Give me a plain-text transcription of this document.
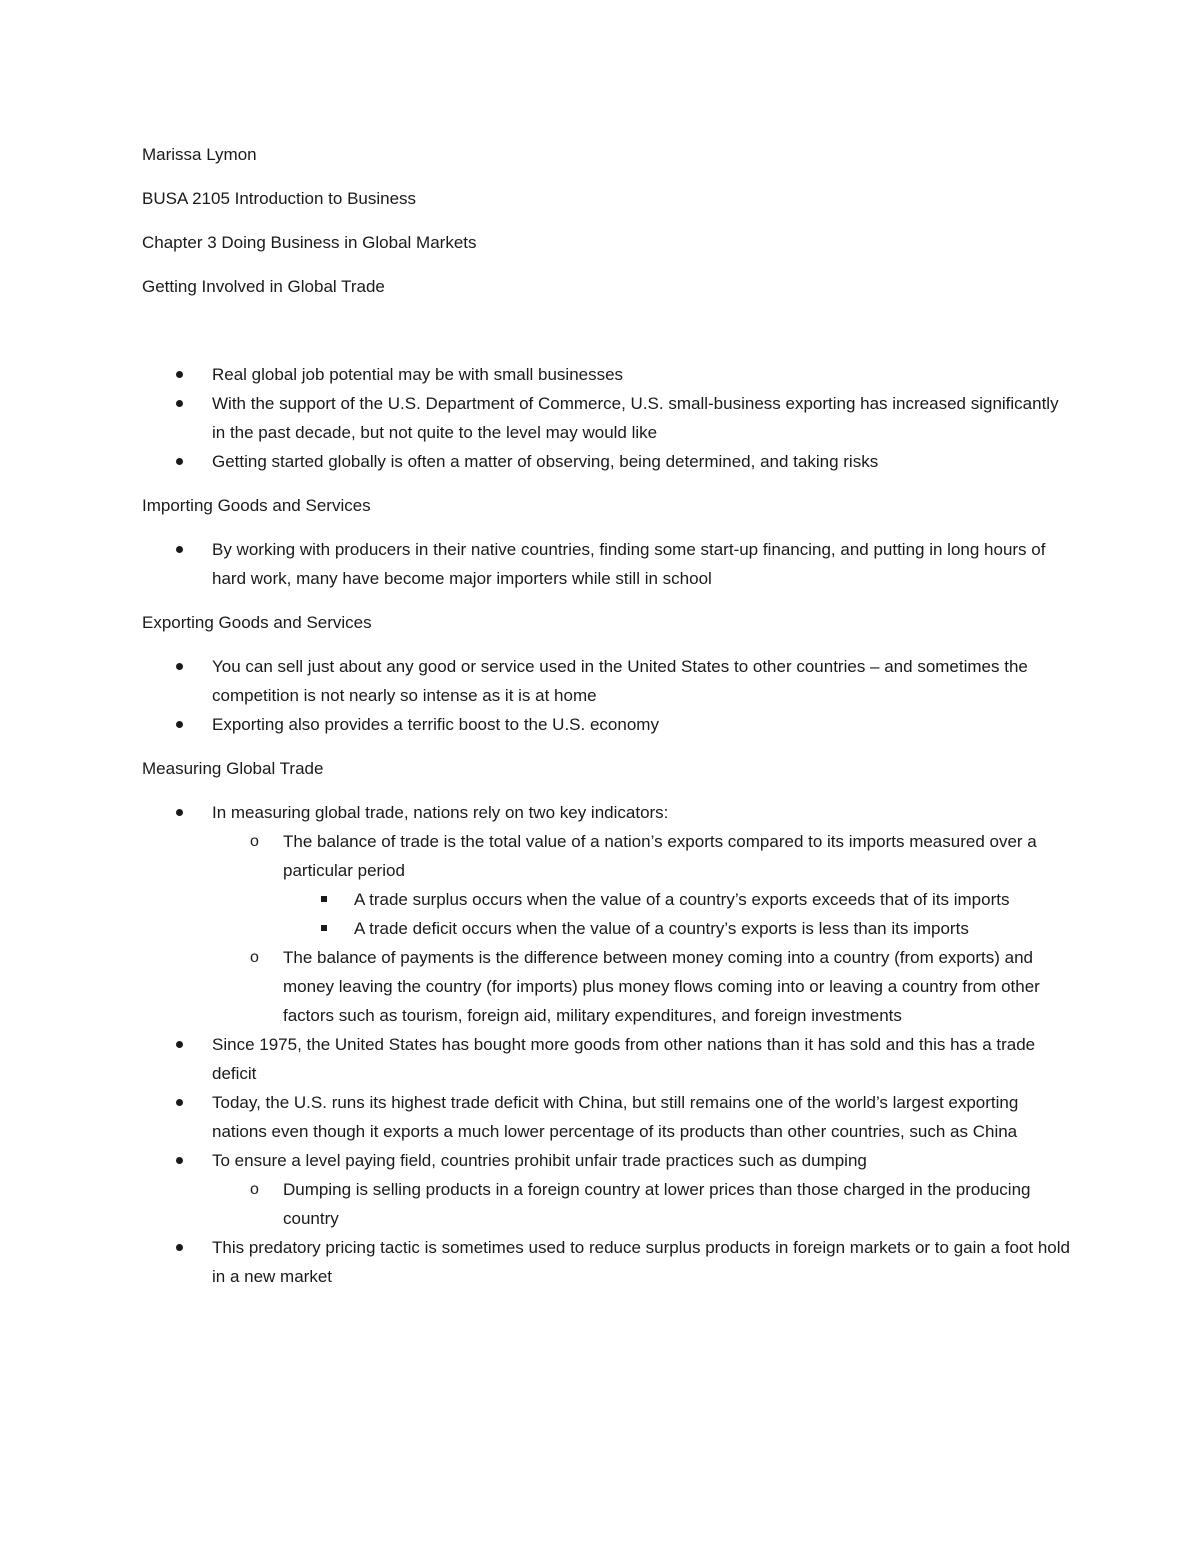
Marissa Lymon

BUSA 2105 Introduction to Business

Chapter 3 Doing Business in Global Markets

Getting Involved in Global Trade

Real global job potential may be with small businesses
With the support of the U.S. Department of Commerce, U.S. small-business exporting has increased significantly in the past decade, but not quite to the level may would like
Getting started globally is often a matter of observing, being determined, and taking risks

Importing Goods and Services

By working with producers in their native countries, finding some start-up financing, and putting in long hours of hard work, many have become major importers while still in school

Exporting Goods and Services

You can sell just about any good or service used in the United States to other countries – and sometimes the competition is not nearly so intense as it is at home
Exporting also provides a terrific boost to the U.S. economy

Measuring Global Trade

In measuring global trade, nations rely on two key indicators:
o The balance of trade is the total value of a nation’s exports compared to its imports measured over a particular period
A trade surplus occurs when the value of a country’s exports exceeds that of its imports
A trade deficit occurs when the value of a country’s exports is less than its imports
o The balance of payments is the difference between money coming into a country (from exports) and money leaving the country (for imports) plus money flows coming into or leaving a country from other factors such as tourism, foreign aid, military expenditures, and foreign investments
Since 1975, the United States has bought more goods from other nations than it has sold and this has a trade deficit
Today, the U.S. runs its highest trade deficit with China, but still remains one of the world’s largest exporting nations even though it exports a much lower percentage of its products than other countries, such as China
To ensure a level paying field, countries prohibit unfair trade practices such as dumping
o Dumping is selling products in a foreign country at lower prices than those charged in the producing country
This predatory pricing tactic is sometimes used to reduce surplus products in foreign markets or to gain a foot hold in a new market
